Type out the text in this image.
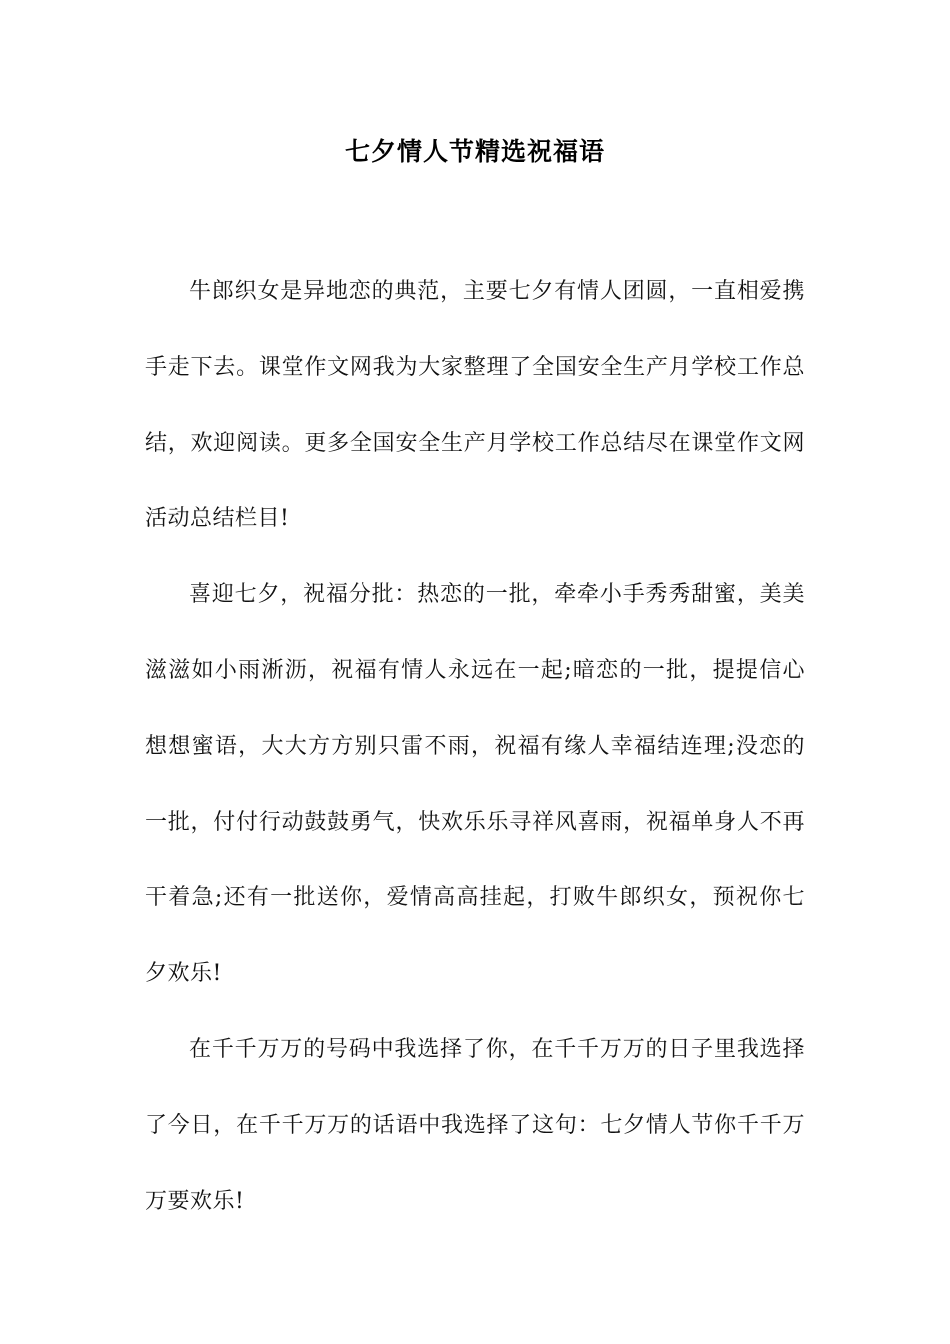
七夕情人节精选祝福语

牛郎织女是异地恋的典范，主要七夕有情人团圆，一直相爱携手走下去。课堂作文网我为大家整理了全国安全生产月学校工作总结，欢迎阅读。更多全国安全生产月学校工作总结尽在课堂作文网活动总结栏目!

喜迎七夕，祝福分批：热恋的一批，牵牵小手秀秀甜蜜，美美滋滋如小雨淅沥，祝福有情人永远在一起;暗恋的一批，提提信心想想蜜语，大大方方别只雷不雨，祝福有缘人幸福结连理;没恋的一批，付付行动鼓鼓勇气，快欢乐乐寻祥风喜雨，祝福单身人不再干着急;还有一批送你，爱情高高挂起，打败牛郎织女，预祝你七夕欢乐!

在千千万万的号码中我选择了你，在千千万万的日子里我选择了今日，在千千万万的话语中我选择了这句：七夕情人节你千千万万要欢乐!
